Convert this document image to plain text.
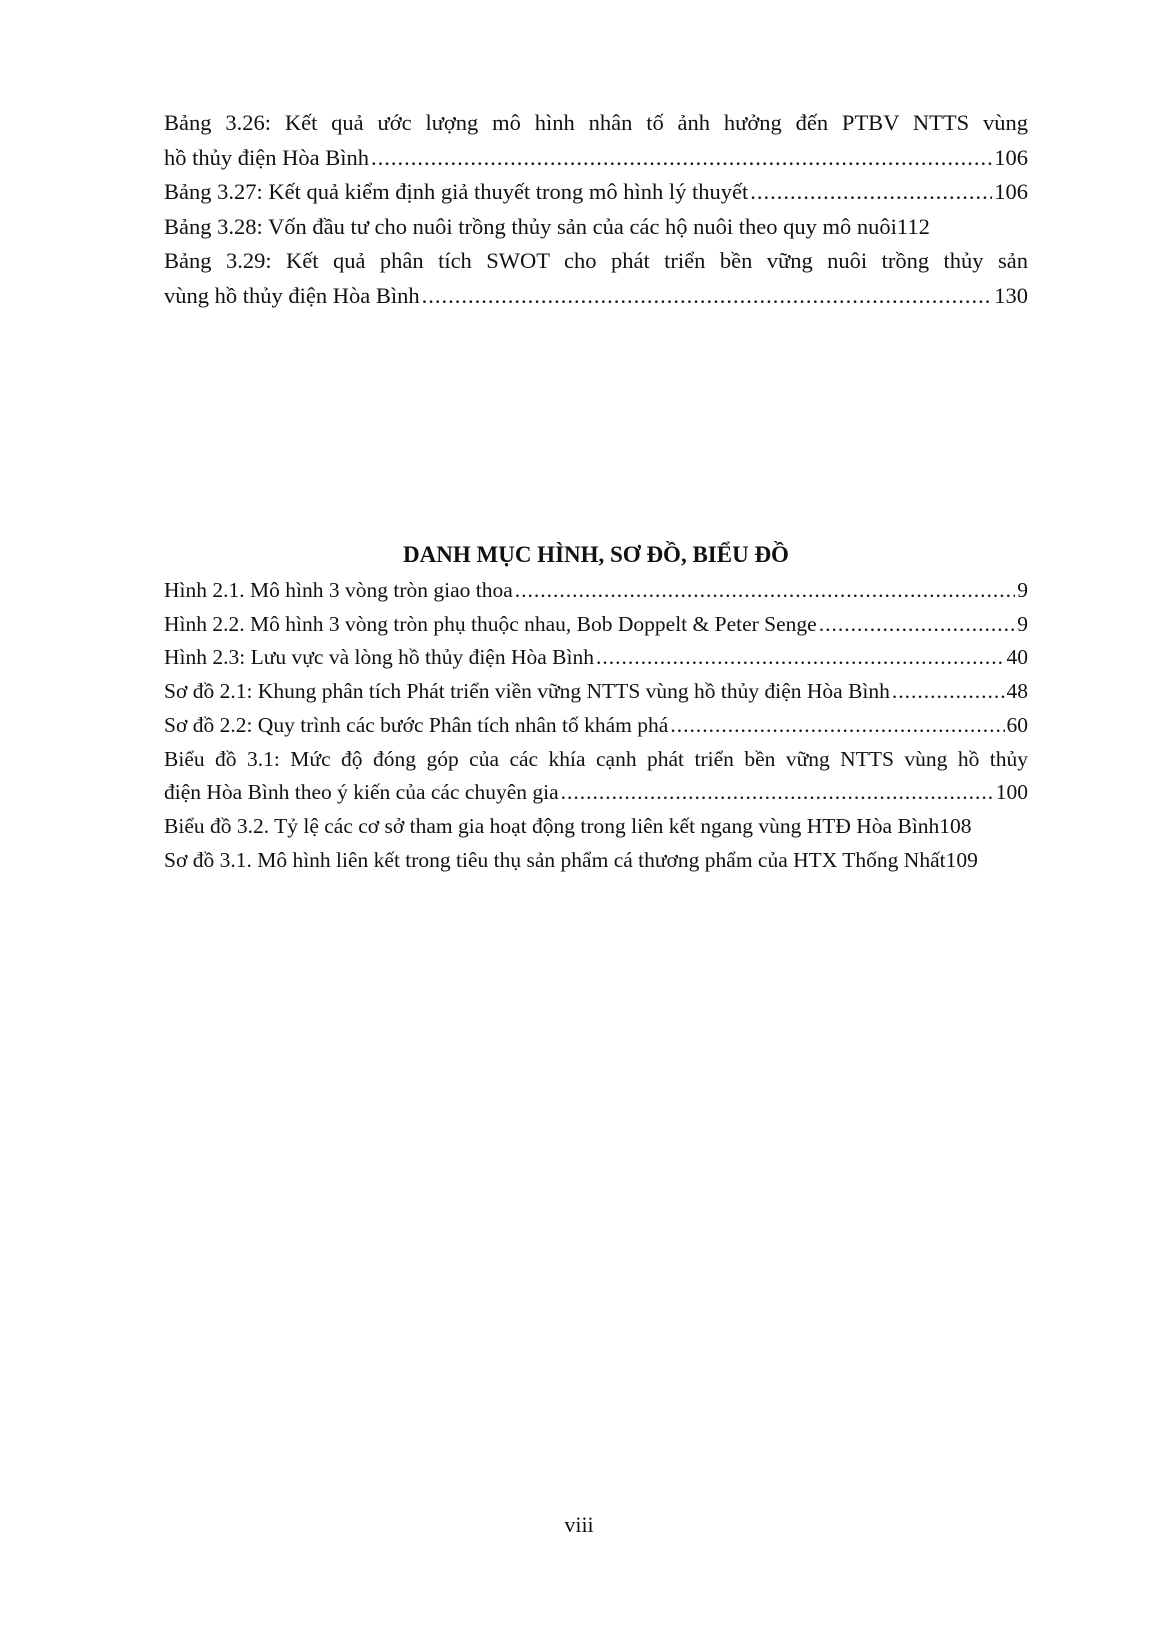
Bảng 3.26: Kết quả ước lượng mô hình nhân tố ảnh hưởng đến PTBV NTTS vùng
hồ thủy điện Hòa Bình .....	106
Bảng 3.27: Kết quả kiểm định giả thuyết trong mô hình lý thuyết .....	106
Bảng 3.28: Vốn đầu tư cho nuôi trồng thủy sản của các hộ nuôi theo quy mô nuôi 112
Bảng 3.29: Kết quả phân tích SWOT cho phát triển bền vững nuôi trồng thủy sản
vùng hồ thủy điện Hòa Bình .....	130
DANH MỤC HÌNH, SƠ ĐỒ, BIỂU ĐỒ
Hình 2.1. Mô hình 3 vòng tròn giao thoa .....	9
Hình 2.2. Mô hình 3 vòng tròn phụ thuộc nhau, Bob Doppelt & Peter Senge .....	9
Hình 2.3: Lưu vực và lòng hồ thủy điện Hòa Bình .....	40
Sơ đồ 2.1: Khung phân tích Phát triển viền vững NTTS vùng hồ thủy điện Hòa Bình .....	48
Sơ đồ 2.2: Quy trình các bước Phân tích nhân tố khám phá .....	60
Biểu đồ 3.1: Mức độ đóng góp của các khía cạnh phát triển bền vững NTTS vùng hồ thủy
điện Hòa Bình theo ý kiến của các chuyên gia .....	100
Biểu đồ 3.2. Tỷ lệ các cơ sở tham gia hoạt động trong liên kết ngang vùng HTĐ Hòa Bình 108
Sơ đồ 3.1. Mô hình liên kết trong tiêu thụ sản phẩm cá thương phẩm của HTX Thống Nhất 109
viii
